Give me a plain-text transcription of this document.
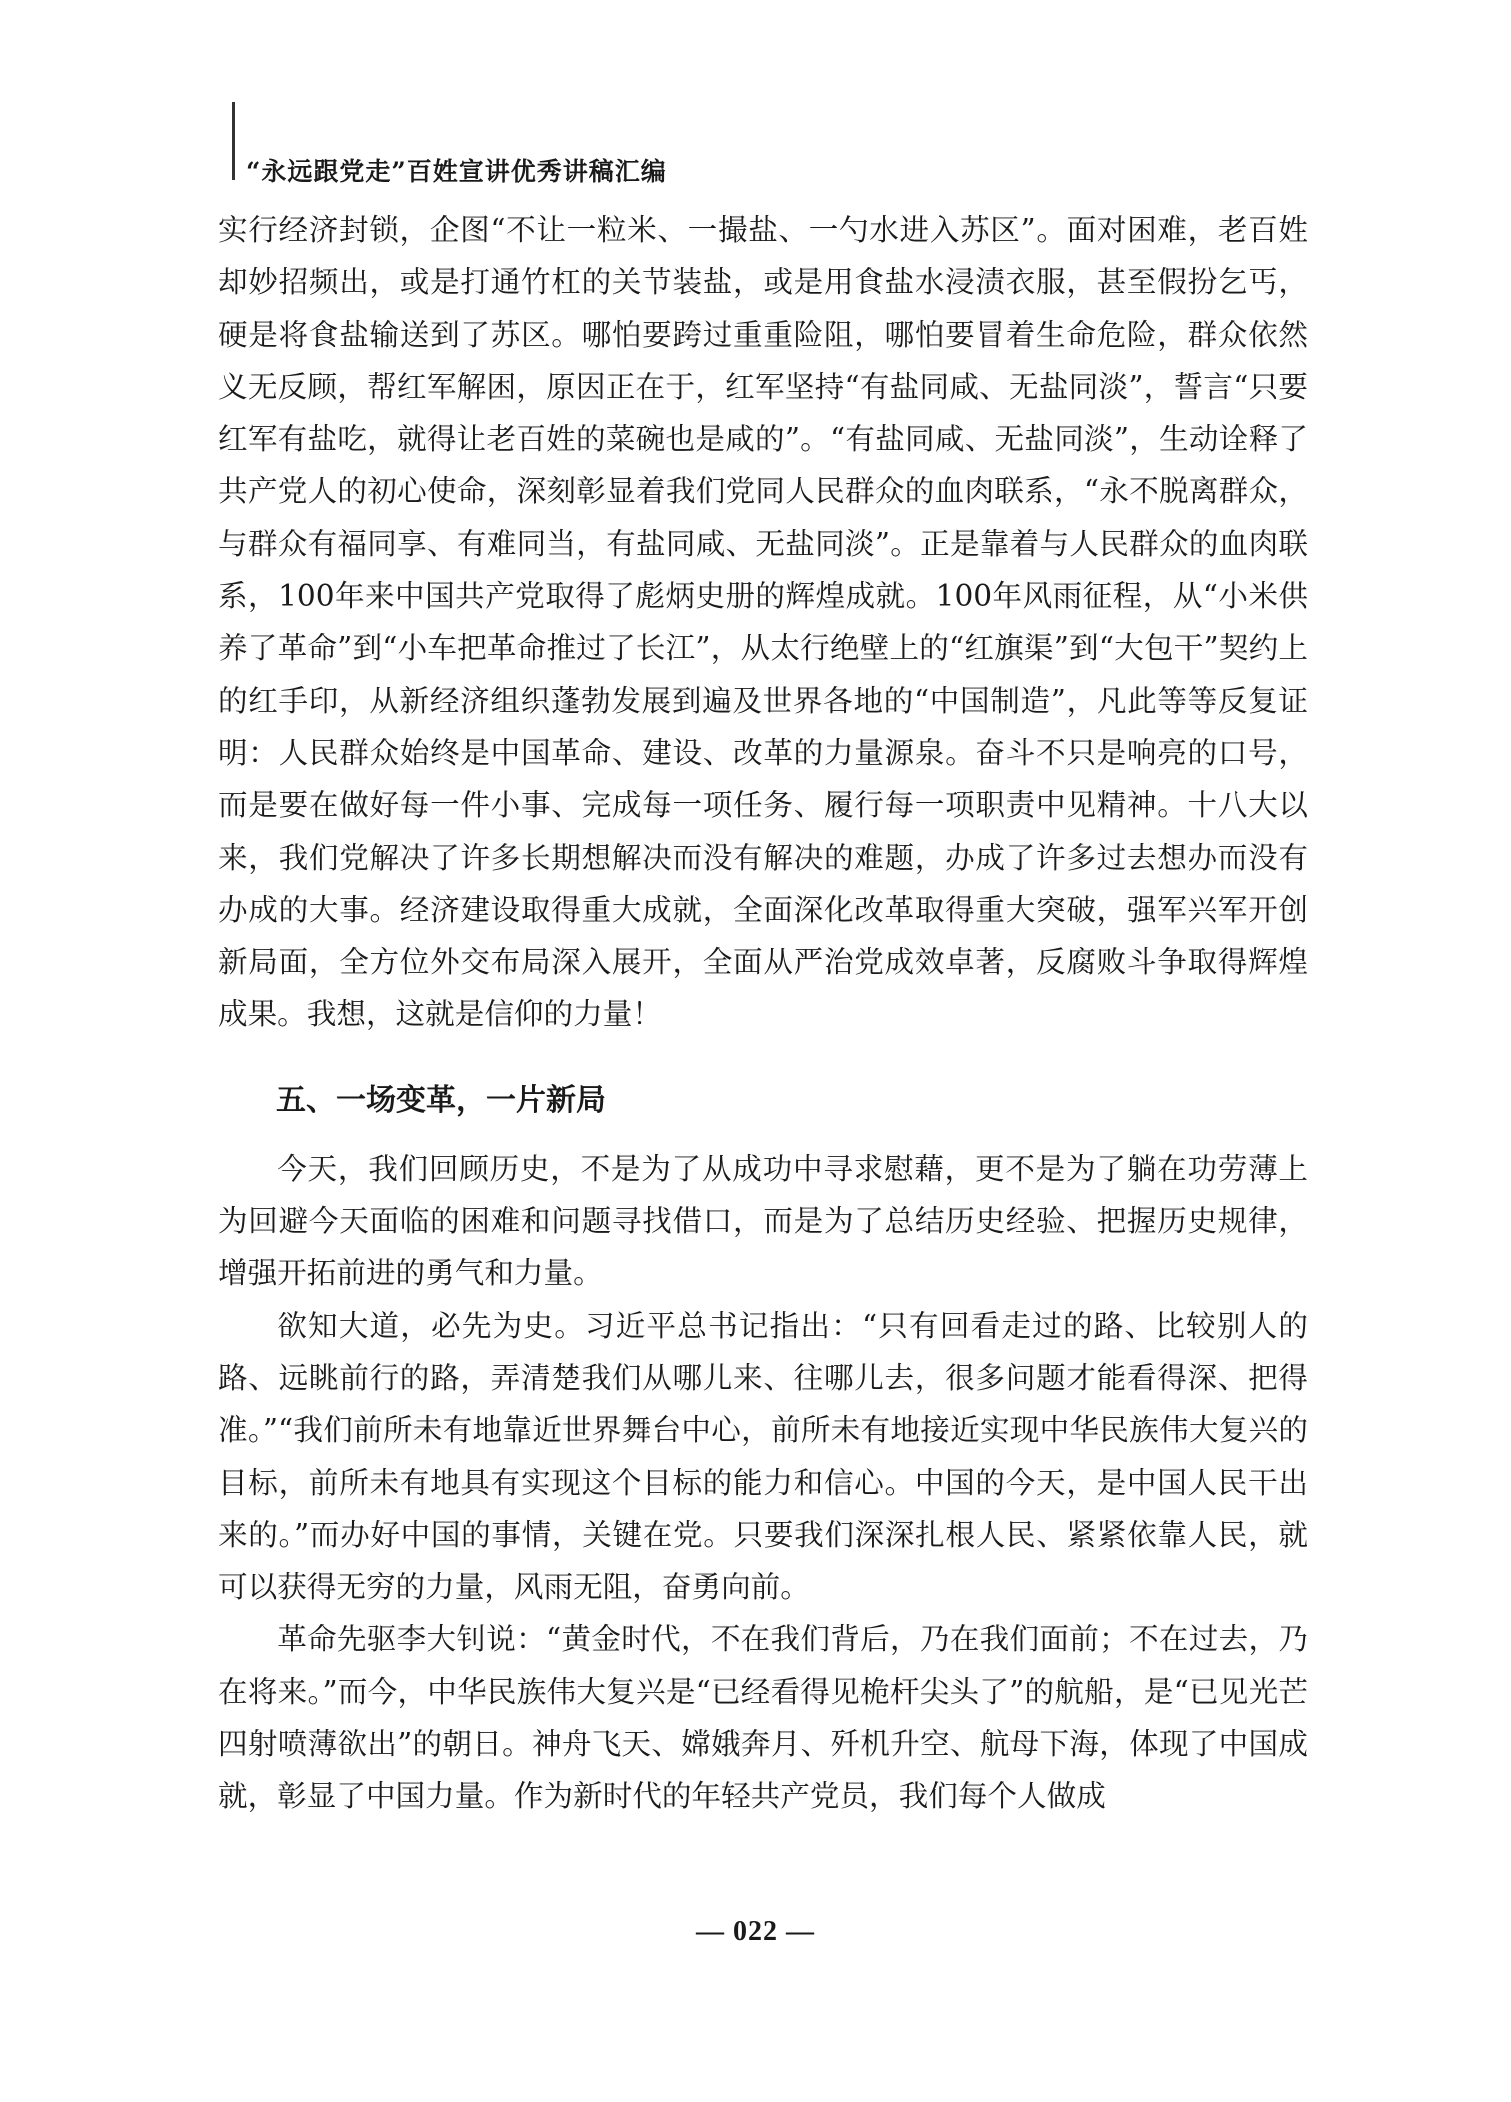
“永远跟党走”百姓宣讲优秀讲稿汇编

实行经济封锁，企图“不让一粒米、一撮盐、一勺水进入苏区”。面对困难，老百姓却妙招频出，或是打通竹杠的关节装盐，或是用食盐水浸渍衣服，甚至假扮乞丐，硬是将食盐输送到了苏区。哪怕要跨过重重险阻，哪怕要冒着生命危险，群众依然义无反顾，帮红军解困，原因正在于，红军坚持“有盐同咸、无盐同淡”，誓言“只要红军有盐吃，就得让老百姓的菜碗也是咸的”。“有盐同咸、无盐同淡”，生动诠释了共产党人的初心使命，深刻彰显着我们党同人民群众的血肉联系，“永不脱离群众，与群众有福同享、有难同当，有盐同咸、无盐同淡”。正是靠着与人民群众的血肉联系，100年来中国共产党取得了彪炳史册的辉煌成就。100年风雨征程，从“小米供养了革命”到“小车把革命推过了长江”，从太行绝壁上的“红旗渠”到“大包干”契约上的红手印，从新经济组织蓬勃发展到遍及世界各地的“中国制造”，凡此等等反复证明：人民群众始终是中国革命、建设、改革的力量源泉。奋斗不只是响亮的口号，而是要在做好每一件小事、完成每一项任务、履行每一项职责中见精神。十八大以来，我们党解决了许多长期想解决而没有解决的难题，办成了许多过去想办而没有办成的大事。经济建设取得重大成就，全面深化改革取得重大突破，强军兴军开创新局面，全方位外交布局深入展开，全面从严治党成效卓著，反腐败斗争取得辉煌成果。我想，这就是信仰的力量！

五、一场变革，一片新局

今天，我们回顾历史，不是为了从成功中寻求慰藉，更不是为了躺在功劳薄上为回避今天面临的困难和问题寻找借口，而是为了总结历史经验、把握历史规律，增强开拓前进的勇气和力量。

欲知大道，必先为史。习近平总书记指出：“只有回看走过的路、比较别人的路、远眺前行的路，弄清楚我们从哪儿来、往哪儿去，很多问题才能看得深、把得准。”“我们前所未有地靠近世界舞台中心，前所未有地接近实现中华民族伟大复兴的目标，前所未有地具有实现这个目标的能力和信心。中国的今天，是中国人民干出来的。”而办好中国的事情，关键在党。只要我们深深扎根人民、紧紧依靠人民，就可以获得无穷的力量，风雨无阻，奋勇向前。

革命先驱李大钊说：“黄金时代，不在我们背后，乃在我们面前；不在过去，乃在将来。”而今，中华民族伟大复兴是“已经看得见桅杆尖头了”的航船，是“已见光芒四射喷薄欲出”的朝日。神舟飞天、嫦娥奔月、歼机升空、航母下海，体现了中国成就，彰显了中国力量。作为新时代的年轻共产党员，我们每个人做成

— 022 —
